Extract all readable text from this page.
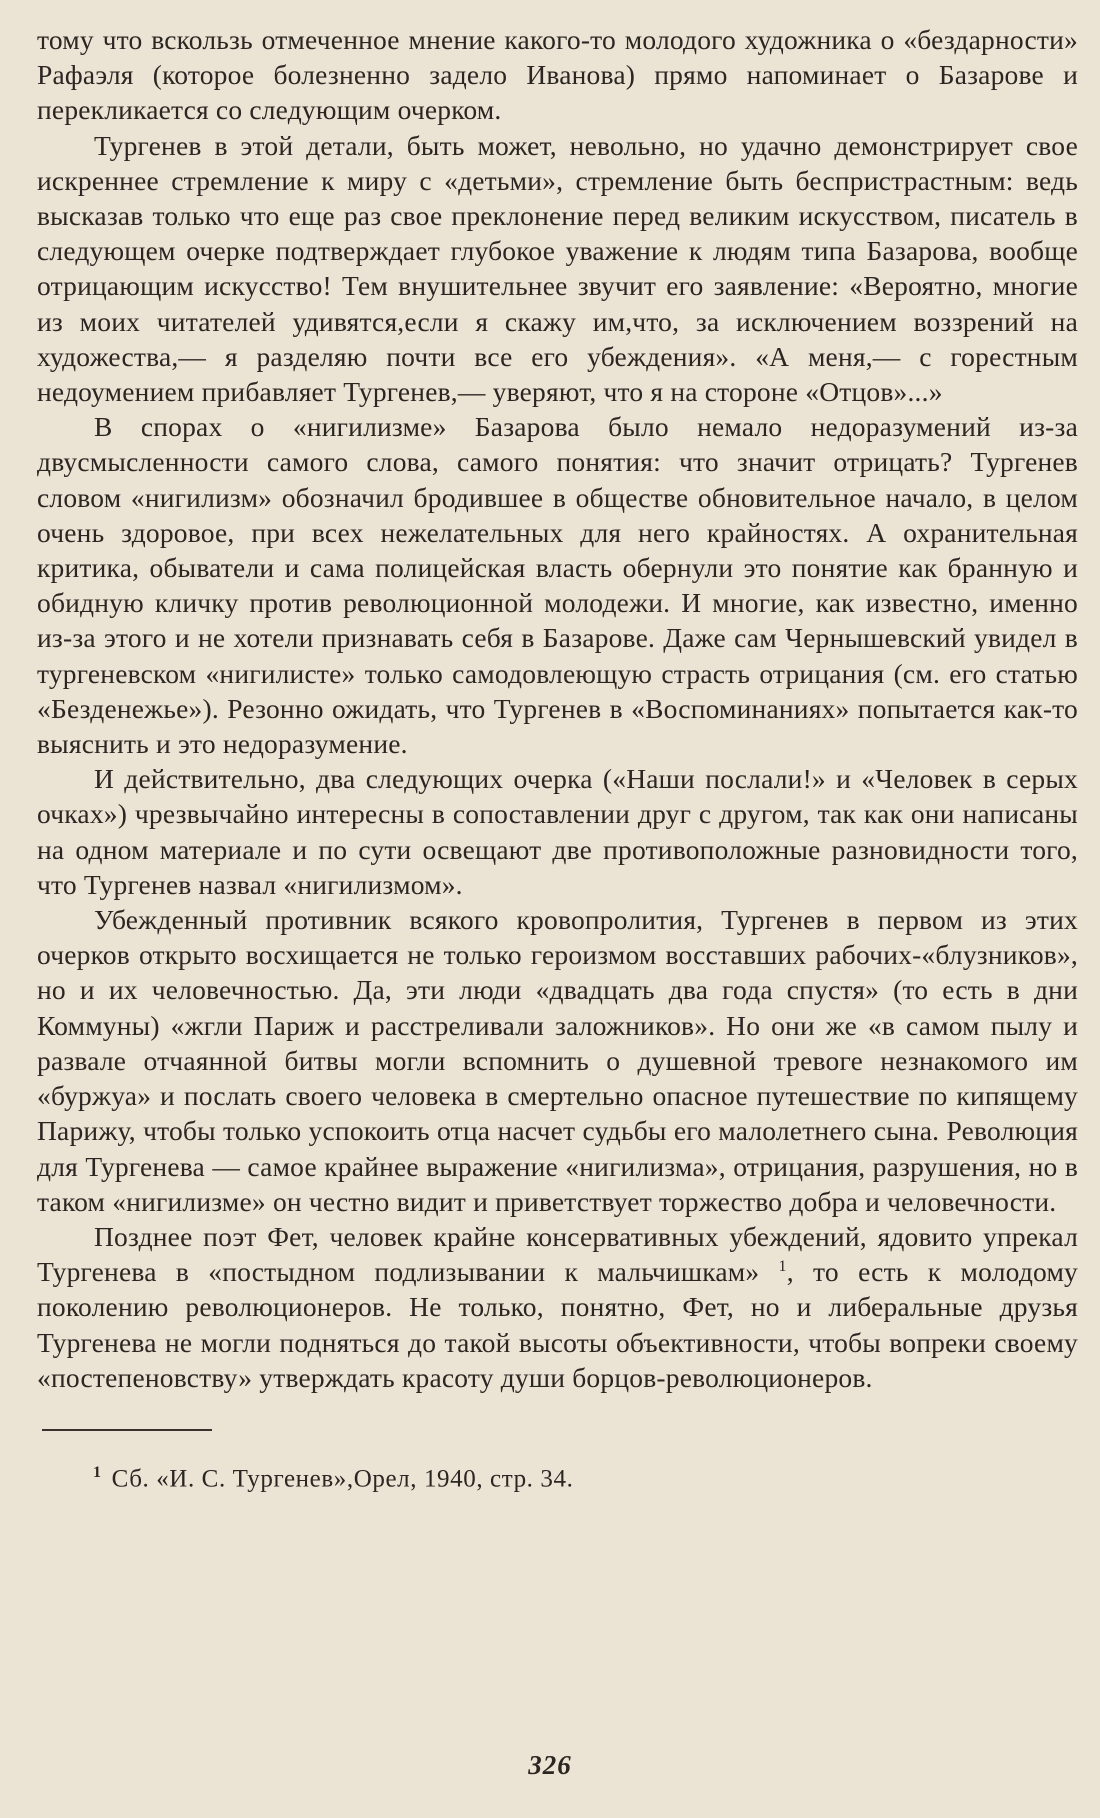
тому что вскользь отмеченное мнение какого-то молодого художника о «бездарности» Рафаэля (которое болезненно задело Иванова) прямо напоминает о Базарове и перекликается со следующим очерком.

Тургенев в этой детали, быть может, невольно, но удачно демонстрирует свое искреннее стремление к миру с «детьми», стремление быть беспристрастным: ведь высказав только что еще раз свое преклонение перед великим искусством, писатель в следующем очерке подтверждает глубокое уважение к людям типа Базарова, вообще отрицающим искусство! Тем внушительнее звучит его заявление: «Вероятно, многие из моих читателей удивятся,если я скажу им,что, за исключением воззрений на художества,— я разделяю почти все его убеждения». «А меня,— с горестным недоумением прибавляет Тургенев,— уверяют, что я на стороне «Отцов»...»

В спорах о «нигилизме» Базарова было немало недоразумений из-за двусмысленности самого слова, самого понятия: что значит отрицать? Тургенев словом «нигилизм» обозначил бродившее в обществе обновительное начало, в целом очень здоровое, при всех нежелательных для него крайностях. А охранительная критика, обыватели и сама полицейская власть обернули это понятие как бранную и обидную кличку против революционной молодежи. И многие, как известно, именно из-за этого и не хотели признавать себя в Базарове. Даже сам Чернышевский увидел в тургеневском «нигилисте» только самодовлеющую страсть отрицания (см. его статью «Безденежье»). Резонно ожидать, что Тургенев в «Воспоминаниях» попытается как-то выяснить и это недоразумение.

И действительно, два следующих очерка («Наши послали!» и «Человек в серых очках») чрезвычайно интересны в сопоставлении друг с другом, так как они написаны на одном материале и по сути освещают две противоположные разновидности того, что Тургенев назвал «нигилизмом».

Убежденный противник всякого кровопролития, Тургенев в первом из этих очерков открыто восхищается не только героизмом восставших рабочих-«блузников», но и их человечностью. Да, эти люди «двадцать два года спустя» (то есть в дни Коммуны) «жгли Париж и расстреливали заложников». Но они же «в самом пылу и развале отчаянной битвы могли вспомнить о душевной тревоге незнакомого им «буржуа» и послать своего человека в смертельно опасное путешествие по кипящему Парижу, чтобы только успокоить отца насчет судьбы его малолетнего сына. Революция для Тургенева — самое крайнее выражение «нигилизма», отрицания, разрушения, но в таком «нигилизме» он честно видит и приветствует торжество добра и человечности.

Позднее поэт Фет, человек крайне консервативных убеждений, ядовито упрекал Тургенева в «постыдном подлизывании к мальчишкам» $^1$, то есть к молодому поколению революционеров. Не только, понятно, Фет, но и либеральные друзья Тургенева не могли подняться до такой высоты объективности, чтобы вопреки своему «постепеновству» утверждать красоту души борцов-революционеров.

$^1$ Сб. «И. С. Тургенев»,Орел, 1940, стр. 34.
326
